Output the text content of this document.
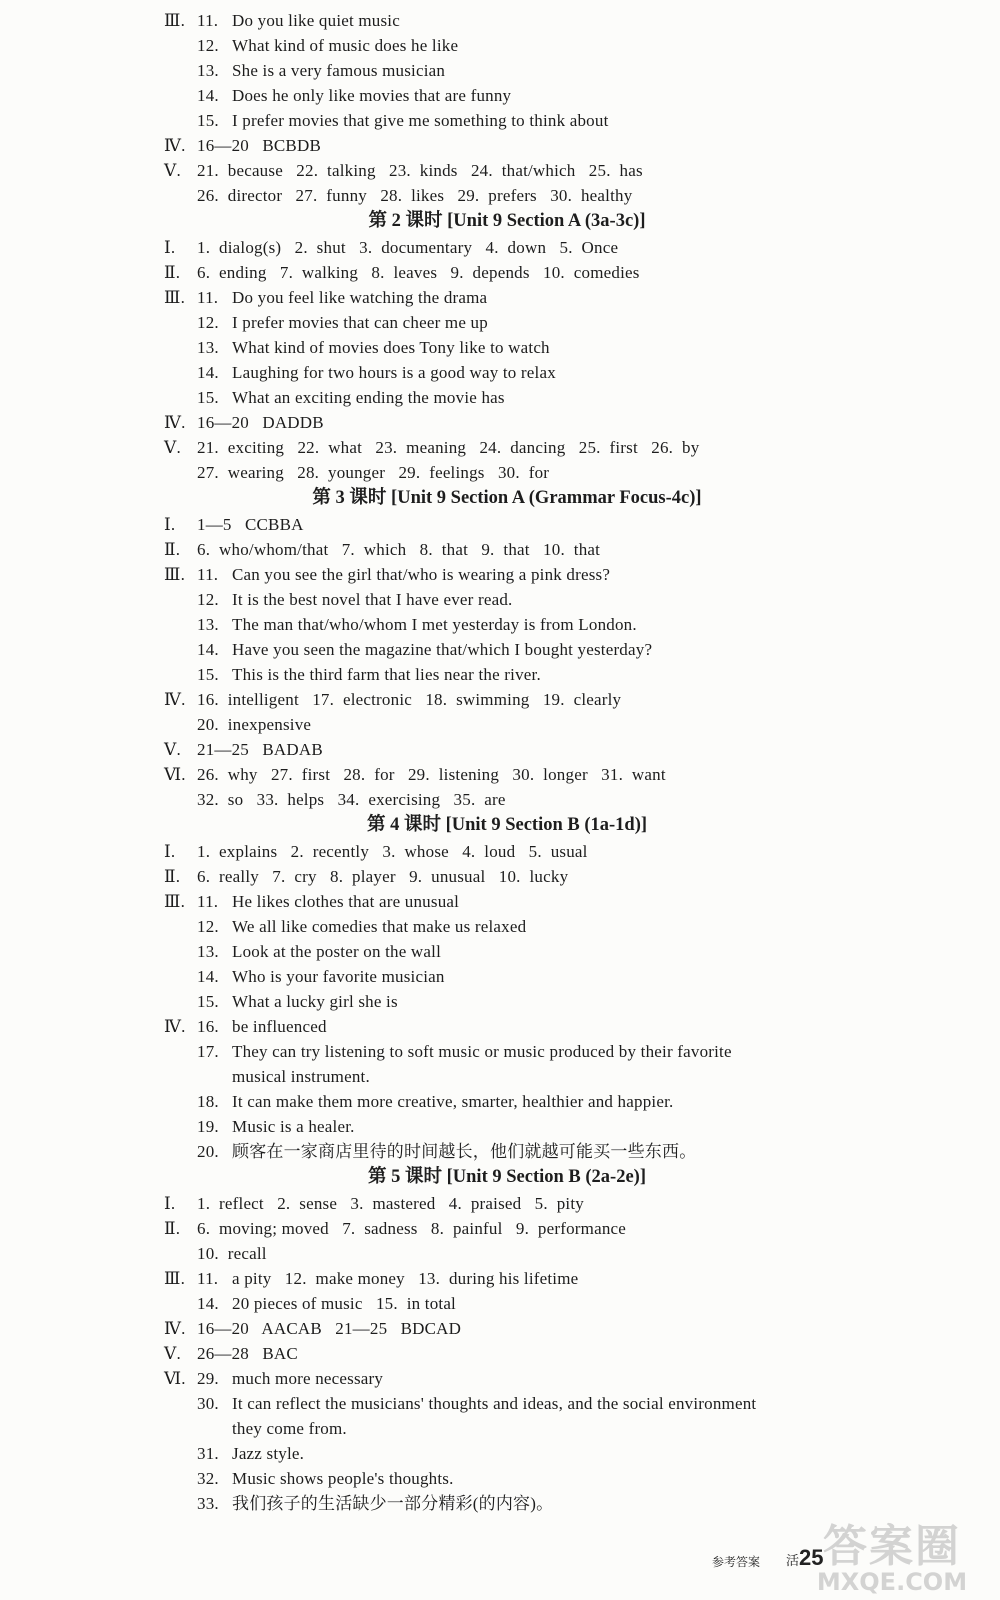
Ⅲ. 11. Do you like quiet music
12. What kind of music does he like
13. She is a very famous musician
14. Does he only like movies that are funny
15. I prefer movies that give me something to think about
Ⅳ. 16—20   BCBDB
Ⅴ. 21.  because   22.  talking   23.  kinds   24.  that/which   25.  has
26.  director   27.  funny   28.  likes   29.  prefers   30.  healthy
第 2 课时 [Unit 9 Section A (3a-3c)]
Ⅰ. 1.  dialog(s)   2.  shut   3.  documentary   4.  down   5.  Once
Ⅱ. 6.  ending   7.  walking   8.  leaves   9.  depends   10.  comedies
Ⅲ. 11. Do you feel like watching the drama
12. I prefer movies that can cheer me up
13. What kind of movies does Tony like to watch
14. Laughing for two hours is a good way to relax
15. What an exciting ending the movie has
Ⅳ. 16—20   DADDB
Ⅴ. 21.  exciting   22.  what   23.  meaning   24.  dancing   25.  first   26.  by
27.  wearing   28.  younger   29.  feelings   30.  for
第 3 课时 [Unit 9 Section A (Grammar Focus-4c)]
Ⅰ. 1—5   CCBBA
Ⅱ. 6.  who/whom/that   7.  which   8.  that   9.  that   10.  that
Ⅲ. 11. Can you see the girl that/who is wearing a pink dress?
12. It is the best novel that I have ever read.
13. The man that/who/whom I met yesterday is from London.
14. Have you seen the magazine that/which I bought yesterday?
15. This is the third farm that lies near the river.
Ⅳ. 16.  intelligent   17.  electronic   18.  swimming   19.  clearly
20.  inexpensive
Ⅴ. 21—25   BADAB
Ⅵ. 26.  why   27.  first   28.  for   29.  listening   30.  longer   31.  want
32.  so   33.  helps   34.  exercising   35.  are
第 4 课时 [Unit 9 Section B (1a-1d)]
Ⅰ. 1.  explains   2.  recently   3.  whose   4.  loud   5.  usual
Ⅱ. 6.  really   7.  cry   8.  player   9.  unusual   10.  lucky
Ⅲ. 11. He likes clothes that are unusual
12. We all like comedies that make us relaxed
13. Look at the poster on the wall
14. Who is your favorite musician
15. What a lucky girl she is
Ⅳ. 16. be influenced
17. They can try listening to soft music or music produced by their favorite
musical instrument.
18. It can make them more creative, smarter, healthier and happier.
19. Music is a healer.
20. 顾客在一家商店里待的时间越长，他们就越可能买一些东西。
第 5 课时 [Unit 9 Section B (2a-2e)]
Ⅰ. 1.  reflect   2.  sense   3.  mastered   4.  praised   5.  pity
Ⅱ. 6.  moving; moved   7.  sadness   8.  painful   9.  performance
10.  recall
Ⅲ. 11. a pity   12.  make money   13.  during his lifetime
14. 20 pieces of music   15.  in total
Ⅳ. 16—20   AACAB   21—25   BDCAD
Ⅴ. 26—28   BAC
Ⅵ. 29. much more necessary
30. It can reflect the musicians' thoughts and ideas, and the social environment
they come from.
31. Jazz style.
32. Music shows people's thoughts.
33. 我们孩子的生活缺少一部分精彩(的内容)。
参考答案 活25 答案圈
MXQE.COM
